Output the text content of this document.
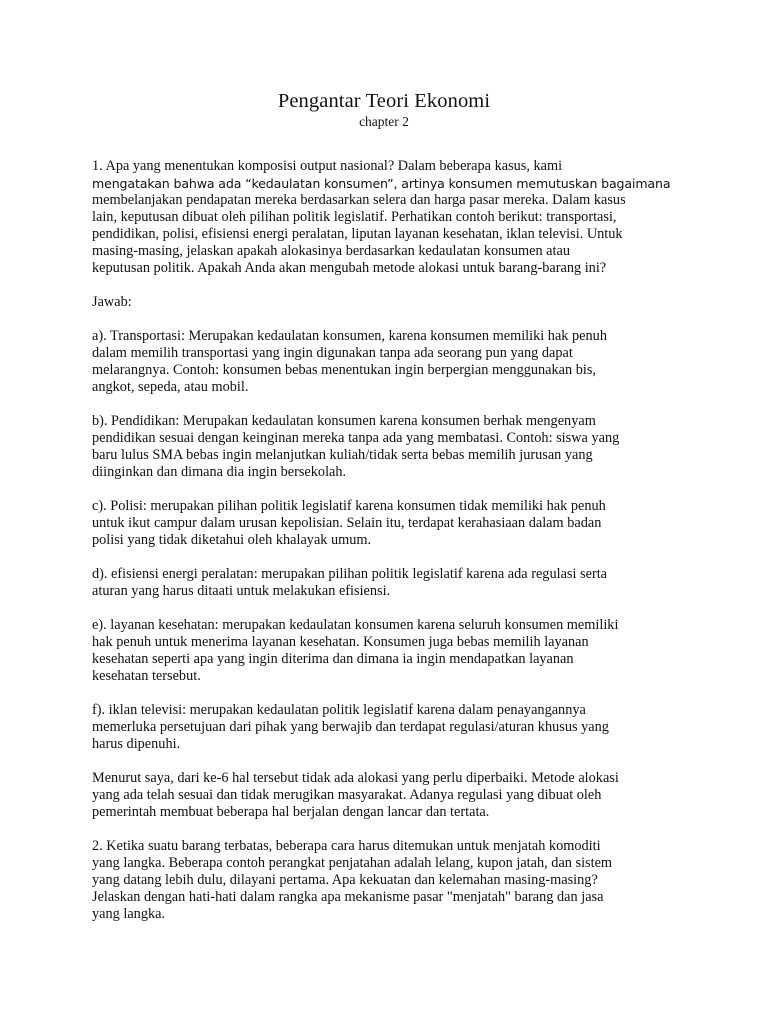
Pengantar Teori Ekonomi
chapter 2
1. Apa yang menentukan komposisi output nasional? Dalam beberapa kasus, kami
mengatakan bahwa ada “kedaulatan konsumen”, artinya konsumen memutuskan bagaimana
membelanjakan pendapatan mereka berdasarkan selera dan harga pasar mereka. Dalam kasus
lain, keputusan dibuat oleh pilihan politik legislatif. Perhatikan contoh berikut: transportasi,
pendidikan, polisi, efisiensi energi peralatan, liputan layanan kesehatan, iklan televisi. Untuk
masing-masing, jelaskan apakah alokasinya berdasarkan kedaulatan konsumen atau
keputusan politik. Apakah Anda akan mengubah metode alokasi untuk barang-barang ini?
Jawab:
a). Transportasi: Merupakan kedaulatan konsumen, karena konsumen memiliki hak penuh
dalam memilih transportasi yang ingin digunakan tanpa ada seorang pun yang dapat
melarangnya. Contoh: konsumen bebas menentukan ingin berpergian menggunakan bis,
angkot, sepeda, atau mobil.
b). Pendidikan: Merupakan kedaulatan konsumen karena konsumen berhak mengenyam
pendidikan sesuai dengan keinginan mereka tanpa ada yang membatasi. Contoh: siswa yang
baru lulus SMA bebas ingin melanjutkan kuliah/tidak serta bebas memilih jurusan yang
diinginkan dan dimana dia ingin bersekolah.
c). Polisi: merupakan pilihan politik legislatif karena konsumen tidak memiliki hak penuh
untuk ikut campur dalam urusan kepolisian. Selain itu, terdapat kerahasiaan dalam badan
polisi yang tidak diketahui oleh khalayak umum.
d). efisiensi energi peralatan: merupakan pilihan politik legislatif karena ada regulasi serta
aturan yang harus ditaati untuk melakukan efisiensi.
e). layanan kesehatan: merupakan kedaulatan konsumen karena seluruh konsumen memiliki
hak penuh untuk menerima layanan kesehatan. Konsumen juga bebas memilih layanan
kesehatan seperti apa yang ingin diterima dan dimana ia ingin mendapatkan layanan
kesehatan tersebut.
f). iklan televisi: merupakan kedaulatan politik legislatif karena dalam penayangannya
memerluka persetujuan dari pihak yang berwajib dan terdapat regulasi/aturan khusus yang
harus dipenuhi.
Menurut saya, dari ke-6 hal tersebut tidak ada alokasi yang perlu diperbaiki. Metode alokasi
yang ada telah sesuai dan tidak merugikan masyarakat. Adanya regulasi yang dibuat oleh
pemerintah membuat beberapa hal berjalan dengan lancar dan tertata.
2. Ketika suatu barang terbatas, beberapa cara harus ditemukan untuk menjatah komoditi
yang langka. Beberapa contoh perangkat penjatahan adalah lelang, kupon jatah, dan sistem
yang datang lebih dulu, dilayani pertama. Apa kekuatan dan kelemahan masing-masing?
Jelaskan dengan hati-hati dalam rangka apa mekanisme pasar "menjatah" barang dan jasa
yang langka.
